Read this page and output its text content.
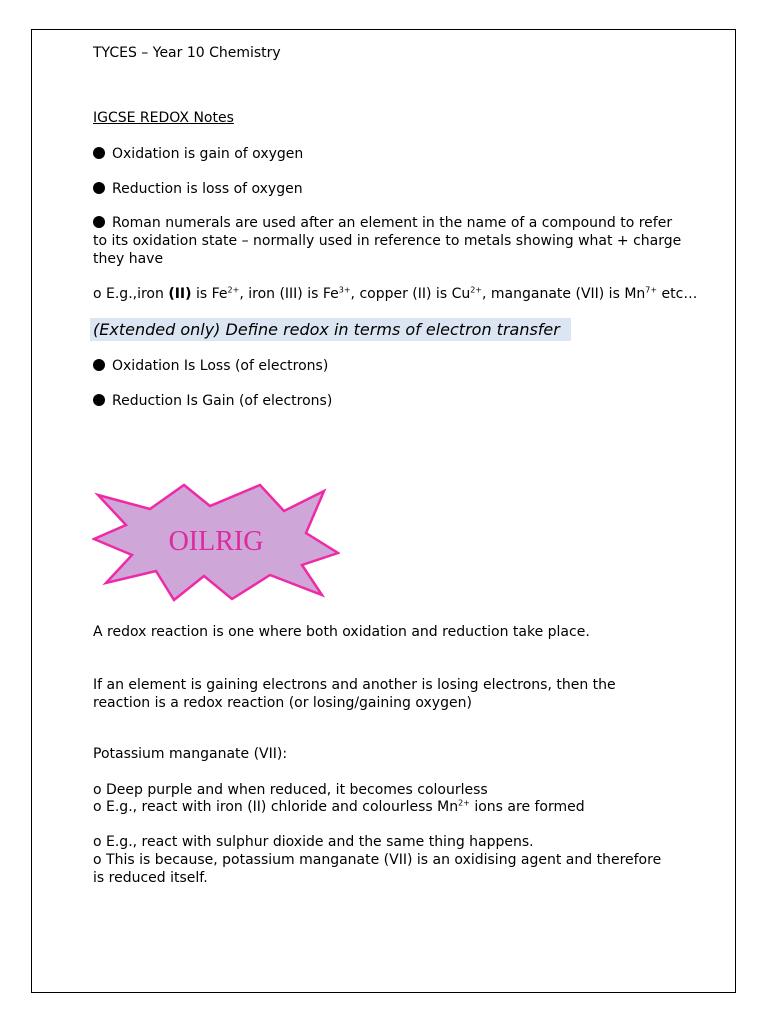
TYCES – Year 10 Chemistry
IGCSE REDOX Notes
Oxidation is gain of oxygen
Reduction is loss of oxygen
Roman numerals are used after an element in the name of a compound to refer to its oxidation state – normally used in reference to metals showing what + charge they have
o E.g.,iron (II) is $Fe^{2+}$, iron (III) is $Fe^{3+}$, copper (II) is $Cu^{2+}$, manganate (VII) is $Mn^{7+}$ etc…
(Extended only) Define redox in terms of electron transfer
Oxidation Is Loss (of electrons)
Reduction Is Gain (of electrons)
OILRIG
A redox reaction is one where both oxidation and reduction take place.
If an element is gaining electrons and another is losing electrons, then the reaction is a redox reaction (or losing/gaining oxygen)
Potassium manganate (VII):
o Deep purple and when reduced, it becomes colourless
o E.g., react with iron (II) chloride and colourless $Mn^{2+}$ ions are formed
o E.g., react with sulphur dioxide and the same thing happens.
o This is because, potassium manganate (VII) is an oxidising agent and therefore is reduced itself.
